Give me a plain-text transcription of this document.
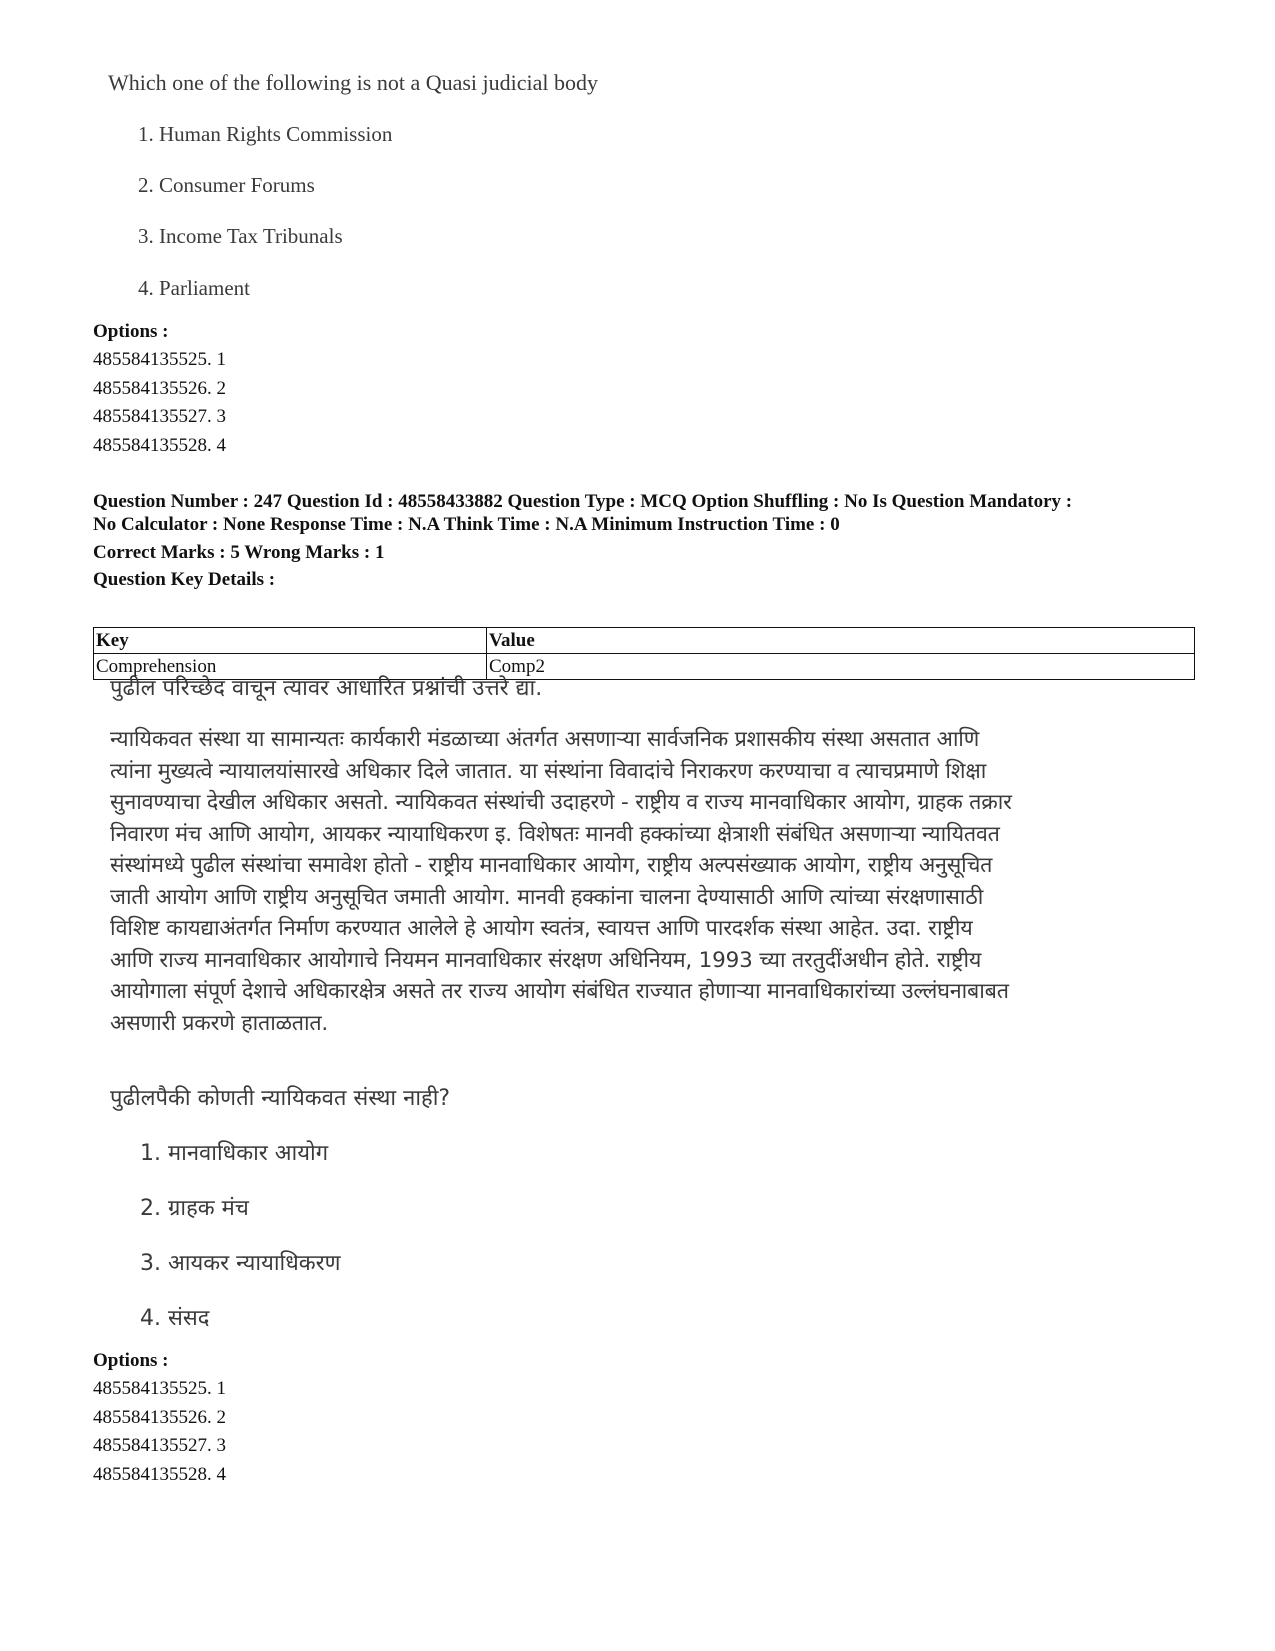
Which one of the following is not a Quasi judicial body
1. Human Rights Commission
2. Consumer Forums
3. Income Tax Tribunals
4. Parliament
Options :
485584135525. 1
485584135526. 2
485584135527. 3
485584135528. 4
Question Number : 247 Question Id : 48558433882 Question Type : MCQ Option Shuffling : No Is Question Mandatory :
No Calculator : None Response Time : N.A Think Time : N.A Minimum Instruction Time : 0
Correct Marks : 5 Wrong Marks : 1
Question Key Details :
Key	Value
Comprehension	Comp2
पुढील परिच्छेद वाचून त्यावर आधारित प्रश्नांची उत्तरे द्या.
न्यायिकवत संस्था या सामान्यतः कार्यकारी मंडळाच्या अंतर्गत असणाऱ्या सार्वजनिक प्रशासकीय संस्था असतात आणि
त्यांना मुख्यत्वे न्यायालयांसारखे अधिकार दिले जातात. या संस्थांना विवादांचे निराकरण करण्याचा व त्याचप्रमाणे शिक्षा
सुनावण्याचा देखील अधिकार असतो. न्यायिकवत संस्थांची उदाहरणे - राष्ट्रीय व राज्य मानवाधिकार आयोग, ग्राहक तक्रार
निवारण मंच आणि आयोग, आयकर न्यायाधिकरण इ. विशेषतः मानवी हक्कांच्या क्षेत्राशी संबंधित असणाऱ्या न्यायितवत
संस्थांमध्ये पुढील संस्थांचा समावेश होतो - राष्ट्रीय मानवाधिकार आयोग, राष्ट्रीय अल्पसंख्याक आयोग, राष्ट्रीय अनुसूचित
जाती आयोग आणि राष्ट्रीय अनुसूचित जमाती आयोग. मानवी हक्कांना चालना देण्यासाठी आणि त्यांच्या संरक्षणासाठी
विशिष्ट कायद्याअंतर्गत निर्माण करण्यात आलेले हे आयोग स्वतंत्र, स्वायत्त आणि पारदर्शक संस्था आहेत. उदा. राष्ट्रीय
आणि राज्य मानवाधिकार आयोगाचे नियमन मानवाधिकार संरक्षण अधिनियम, 1993 च्या तरतुदींअधीन होते. राष्ट्रीय
आयोगाला संपूर्ण देशाचे अधिकारक्षेत्र असते तर राज्य आयोग संबंधित राज्यात होणाऱ्या मानवाधिकारांच्या उल्लंघनाबाबत
असणारी प्रकरणे हाताळतात.
पुढीलपैकी कोणती न्यायिकवत संस्था नाही?
1. मानवाधिकार आयोग
2. ग्राहक मंच
3. आयकर न्यायाधिकरण
4. संसद
Options :
485584135525. 1
485584135526. 2
485584135527. 3
485584135528. 4
